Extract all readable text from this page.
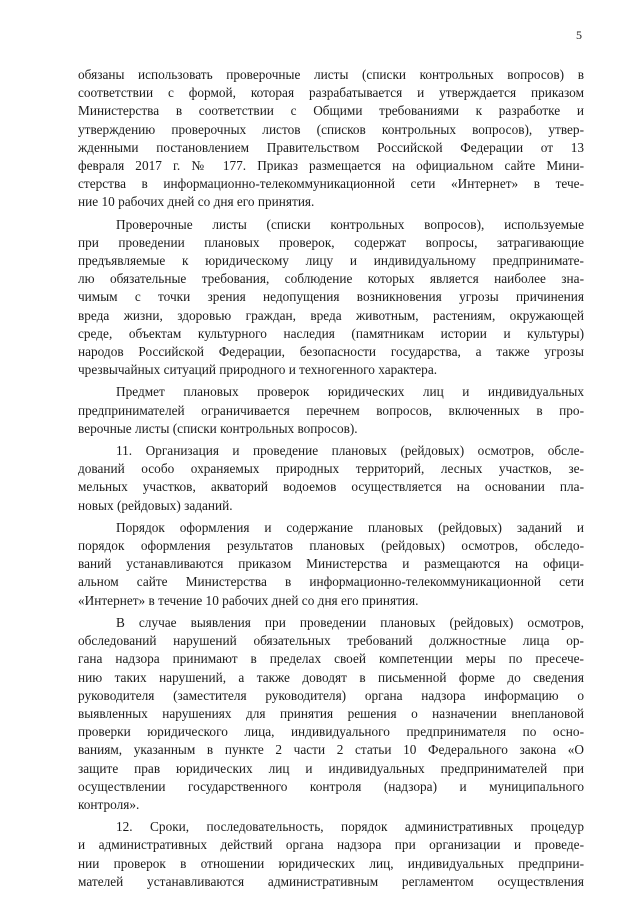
5
обязаны использовать проверочные листы (списки контрольных вопросов) в
соответствии с формой, которая разрабатывается и утверждается приказом
Министерства в соответствии с Общими требованиями к разработке и
утверждению проверочных листов (списков контрольных вопросов), утвер-
жденными постановлением Правительством Российской Федерации от 13
февраля 2017 г. № 177. Приказ размещается на официальном сайте Мини-
стерства в информационно-телекоммуникационной сети «Интернет» в тече-
ние 10 рабочих дней со дня его принятия.
Проверочные листы (списки контрольных вопросов), используемые
при проведении плановых проверок, содержат вопросы, затрагивающие
предъявляемые к юридическому лицу и индивидуальному предпринимате-
лю обязательные требования, соблюдение которых является наиболее зна-
чимым с точки зрения недопущения возникновения угрозы причинения
вреда жизни, здоровью граждан, вреда животным, растениям, окружающей
среде, объектам культурного наследия (памятникам истории и культуры)
народов Российской Федерации, безопасности государства, а также угрозы
чрезвычайных ситуаций природного и техногенного характера.
Предмет плановых проверок юридических лиц и индивидуальных
предпринимателей ограничивается перечнем вопросов, включенных в про-
верочные листы (списки контрольных вопросов).
11. Организация и проведение плановых (рейдовых) осмотров, обсле-
дований особо охраняемых природных территорий, лесных участков, зе-
мельных участков, акваторий водоемов осуществляется на основании пла-
новых (рейдовых) заданий.
Порядок оформления и содержание плановых (рейдовых) заданий и
порядок оформления результатов плановых (рейдовых) осмотров, обследо-
ваний устанавливаются приказом Министерства и размещаются на офици-
альном сайте Министерства в информационно-телекоммуникационной сети
«Интернет» в течение 10 рабочих дней со дня его принятия.
В случае выявления при проведении плановых (рейдовых) осмотров,
обследований нарушений обязательных требований должностные лица ор-
гана надзора принимают в пределах своей компетенции меры по пресече-
нию таких нарушений, а также доводят в письменной форме до сведения
руководителя (заместителя руководителя) органа надзора информацию о
выявленных нарушениях для принятия решения о назначении внеплановой
проверки юридического лица, индивидуального предпринимателя по осно-
ваниям, указанным в пункте 2 части 2 статьи 10 Федерального закона «О
защите прав юридических лиц и индивидуальных предпринимателей при
осуществлении государственного контроля (надзора) и муниципального
контроля».
12. Сроки, последовательность, порядок административных процедур
и административных действий органа надзора при организации и проведе-
нии проверок в отношении юридических лиц, индивидуальных предприни-
мателей устанавливаются административным регламентом осуществления
